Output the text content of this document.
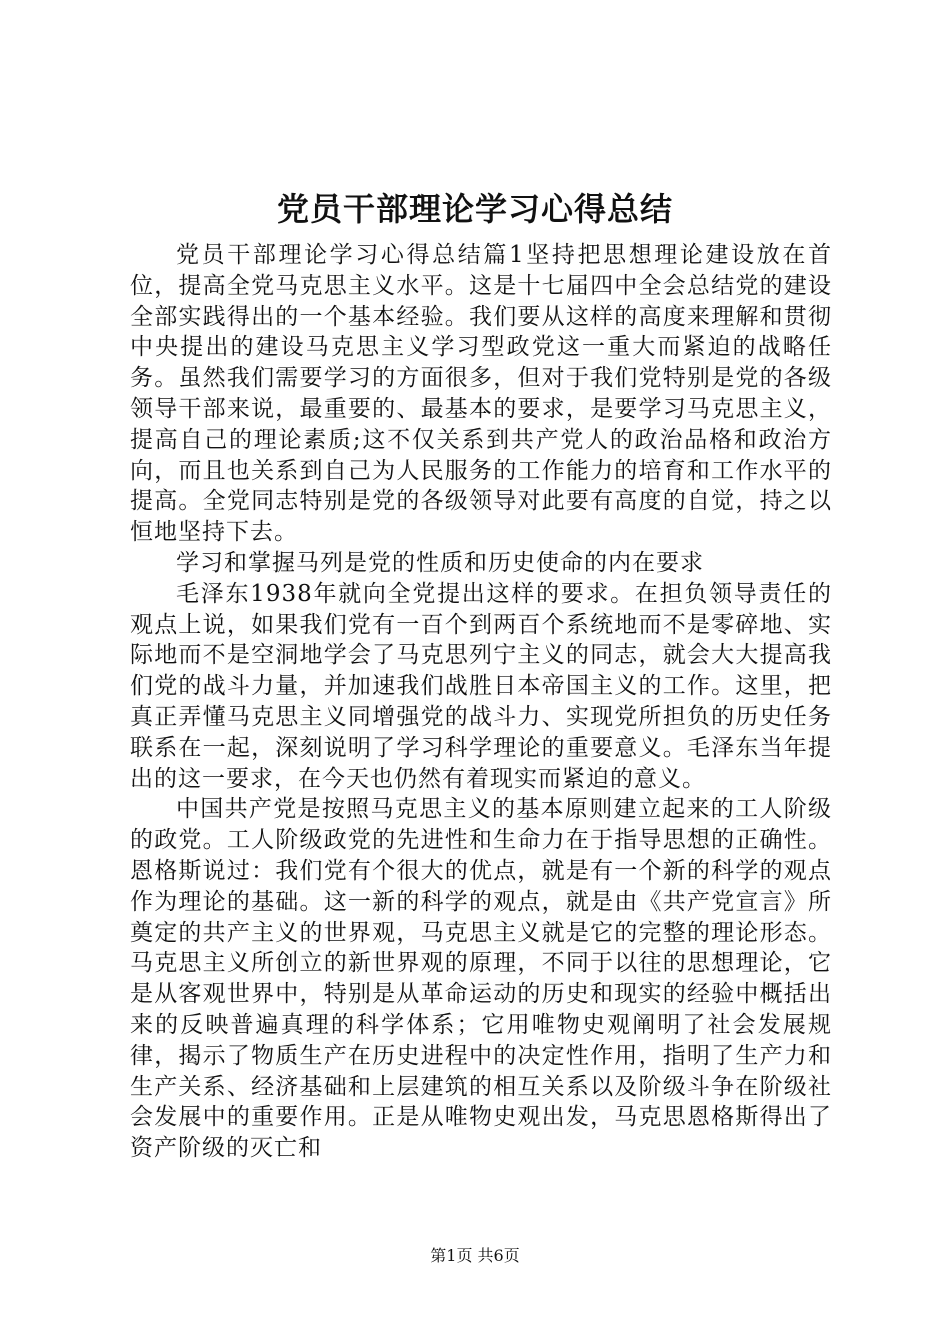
党员干部理论学习心得总结

党员干部理论学习心得总结篇1坚持把思想理论建设放在首位，提高全党马克思主义水平。这是十七届四中全会总结党的建设全部实践得出的一个基本经验。我们要从这样的高度来理解和贯彻中央提出的建设马克思主义学习型政党这一重大而紧迫的战略任务。虽然我们需要学习的方面很多，但对于我们党特别是党的各级领导干部来说，最重要的、最基本的要求，是要学习马克思主义，提高自己的理论素质;这不仅关系到共产党人的政治品格和政治方向，而且也关系到自己为人民服务的工作能力的培育和工作水平的提高。全党同志特别是党的各级领导对此要有高度的自觉，持之以恒地坚持下去。

学习和掌握马列是党的性质和历史使命的内在要求

毛泽东1938年就向全党提出这样的要求。在担负领导责任的观点上说，如果我们党有一百个到两百个系统地而不是零碎地、实际地而不是空洞地学会了马克思列宁主义的同志，就会大大提高我们党的战斗力量，并加速我们战胜日本帝国主义的工作。这里，把真正弄懂马克思主义同增强党的战斗力、实现党所担负的历史任务联系在一起，深刻说明了学习科学理论的重要意义。毛泽东当年提出的这一要求，在今天也仍然有着现实而紧迫的意义。

中国共产党是按照马克思主义的基本原则建立起来的工人阶级的政党。工人阶级政党的先进性和生命力在于指导思想的正确性。恩格斯说过：我们党有个很大的优点，就是有一个新的科学的观点作为理论的基础。这一新的科学的观点，就是由《共产党宣言》所奠定的共产主义的世界观，马克思主义就是它的完整的理论形态。马克思主义所创立的新世界观的原理，不同于以往的思想理论，它是从客观世界中，特别是从革命运动的历史和现实的经验中概括出来的反映普遍真理的科学体系；它用唯物史观阐明了社会发展规律，揭示了物质生产在历史进程中的决定性作用，指明了生产力和生产关系、经济基础和上层建筑的相互关系以及阶级斗争在阶级社会发展中的重要作用。正是从唯物史观出发，马克思恩格斯得出了资产阶级的灭亡和

第1页 共6页
